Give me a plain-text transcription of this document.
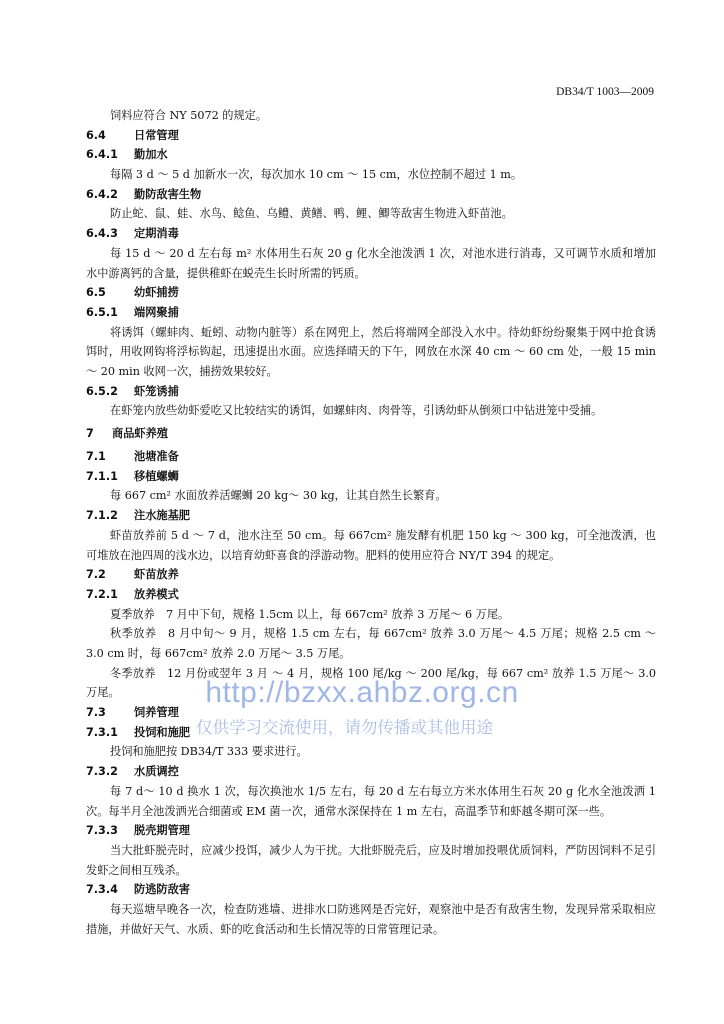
DB34/T 1003—2009
饲料应符合 NY 5072 的规定。
6.4	日常管理
6.4.1 勤加水
每隔 3 d ～ 5 d 加新水一次，每次加水 10 cm ～ 15 cm，水位控制不超过 1 m。
6.4.2 勤防敌害生物
防止蛇、鼠、蛙、水鸟、鲶鱼、乌鳢、黄鳝、鸭、鲤、鲫等敌害生物进入虾苗池。
6.4.3 定期消毒
每 15 d ～ 20 d 左右每 m² 水体用生石灰 20 g 化水全池泼洒 1 次，对池水进行消毒，又可调节水质和增加水中游离钙的含量，提供稚虾在蜕壳生长时所需的钙质。
6.5	幼虾捕捞
6.5.1 端网聚捕
将诱饵（螺蚌肉、蚯蚓、动物内脏等）系在网兜上，然后将端网全部没入水中。待幼虾纷纷聚集于网中抢食诱饵时，用收网钩将浮标钩起，迅速提出水面。应选择晴天的下午，网放在水深 40 cm ～ 60 cm 处，一般 15 min ～ 20 min 收网一次，捕捞效果较好。
6.5.2 虾笼诱捕
在虾笼内放些幼虾爱吃又比较结实的诱饵，如螺蚌肉、肉骨等，引诱幼虾从倒须口中钻进笼中受捕。
7 商品虾养殖
7.1	池塘准备
7.1.1 移植螺蛳
每 667 cm² 水面放养活螺蛳 20 kg～ 30 kg，让其自然生长繁育。
7.1.2 注水施基肥
虾苗放养前 5 d ～ 7 d，池水注至 50 cm。每 667cm² 施发酵有机肥 150 kg ～ 300 kg，可全池泼洒，也可堆放在池四周的浅水边，以培育幼虾喜食的浮游动物。肥料的使用应符合 NY/T 394 的规定。
7.2	虾苗放养
7.2.1 放养模式
夏季放养　7 月中下旬，规格 1.5cm 以上，每 667cm² 放养 3 万尾～ 6 万尾。
秋季放养　8 月中旬～ 9 月，规格 1.5 cm 左右，每 667cm² 放养 3.0 万尾～ 4.5 万尾；规格 2.5 cm ～ 3.0 cm 时，每 667cm² 放养 2.0 万尾～ 3.5 万尾。
冬季放养　12 月份或翌年 3 月 ～ 4 月，规格 100 尾/kg ～ 200 尾/kg，每 667 cm² 放养 1.5 万尾～ 3.0 万尾。
7.3	饲养管理
7.3.1 投饲和施肥
投饲和施肥按 DB34/T 333 要求进行。
7.3.2 水质调控
每 7 d～ 10 d 换水 1 次，每次换池水 1/5 左右，每 20 d 左右每立方米水体用生石灰 20 g 化水全池泼洒 1 次。每半月全池泼洒光合细菌或 EM 菌一次，通常水深保持在 1 m 左右，高温季节和虾越冬期可深一些。
7.3.3 脱壳期管理
当大批虾脱壳时，应减少投饵，减少人为干扰。大批虾脱壳后，应及时增加投喂优质饲料，严防因饲料不足引发虾之间相互残杀。
7.3.4 防逃防敌害
每天巡塘早晚各一次，检查防逃墙、进排水口防逃网是否完好，观察池中是否有敌害生物，发现异常采取相应措施，并做好天气、水质、虾的吃食活动和生长情况等的日常管理记录。
http://bzxx.ahbz.org.cn
仅供学习交流使用，请勿传播或其他用途
